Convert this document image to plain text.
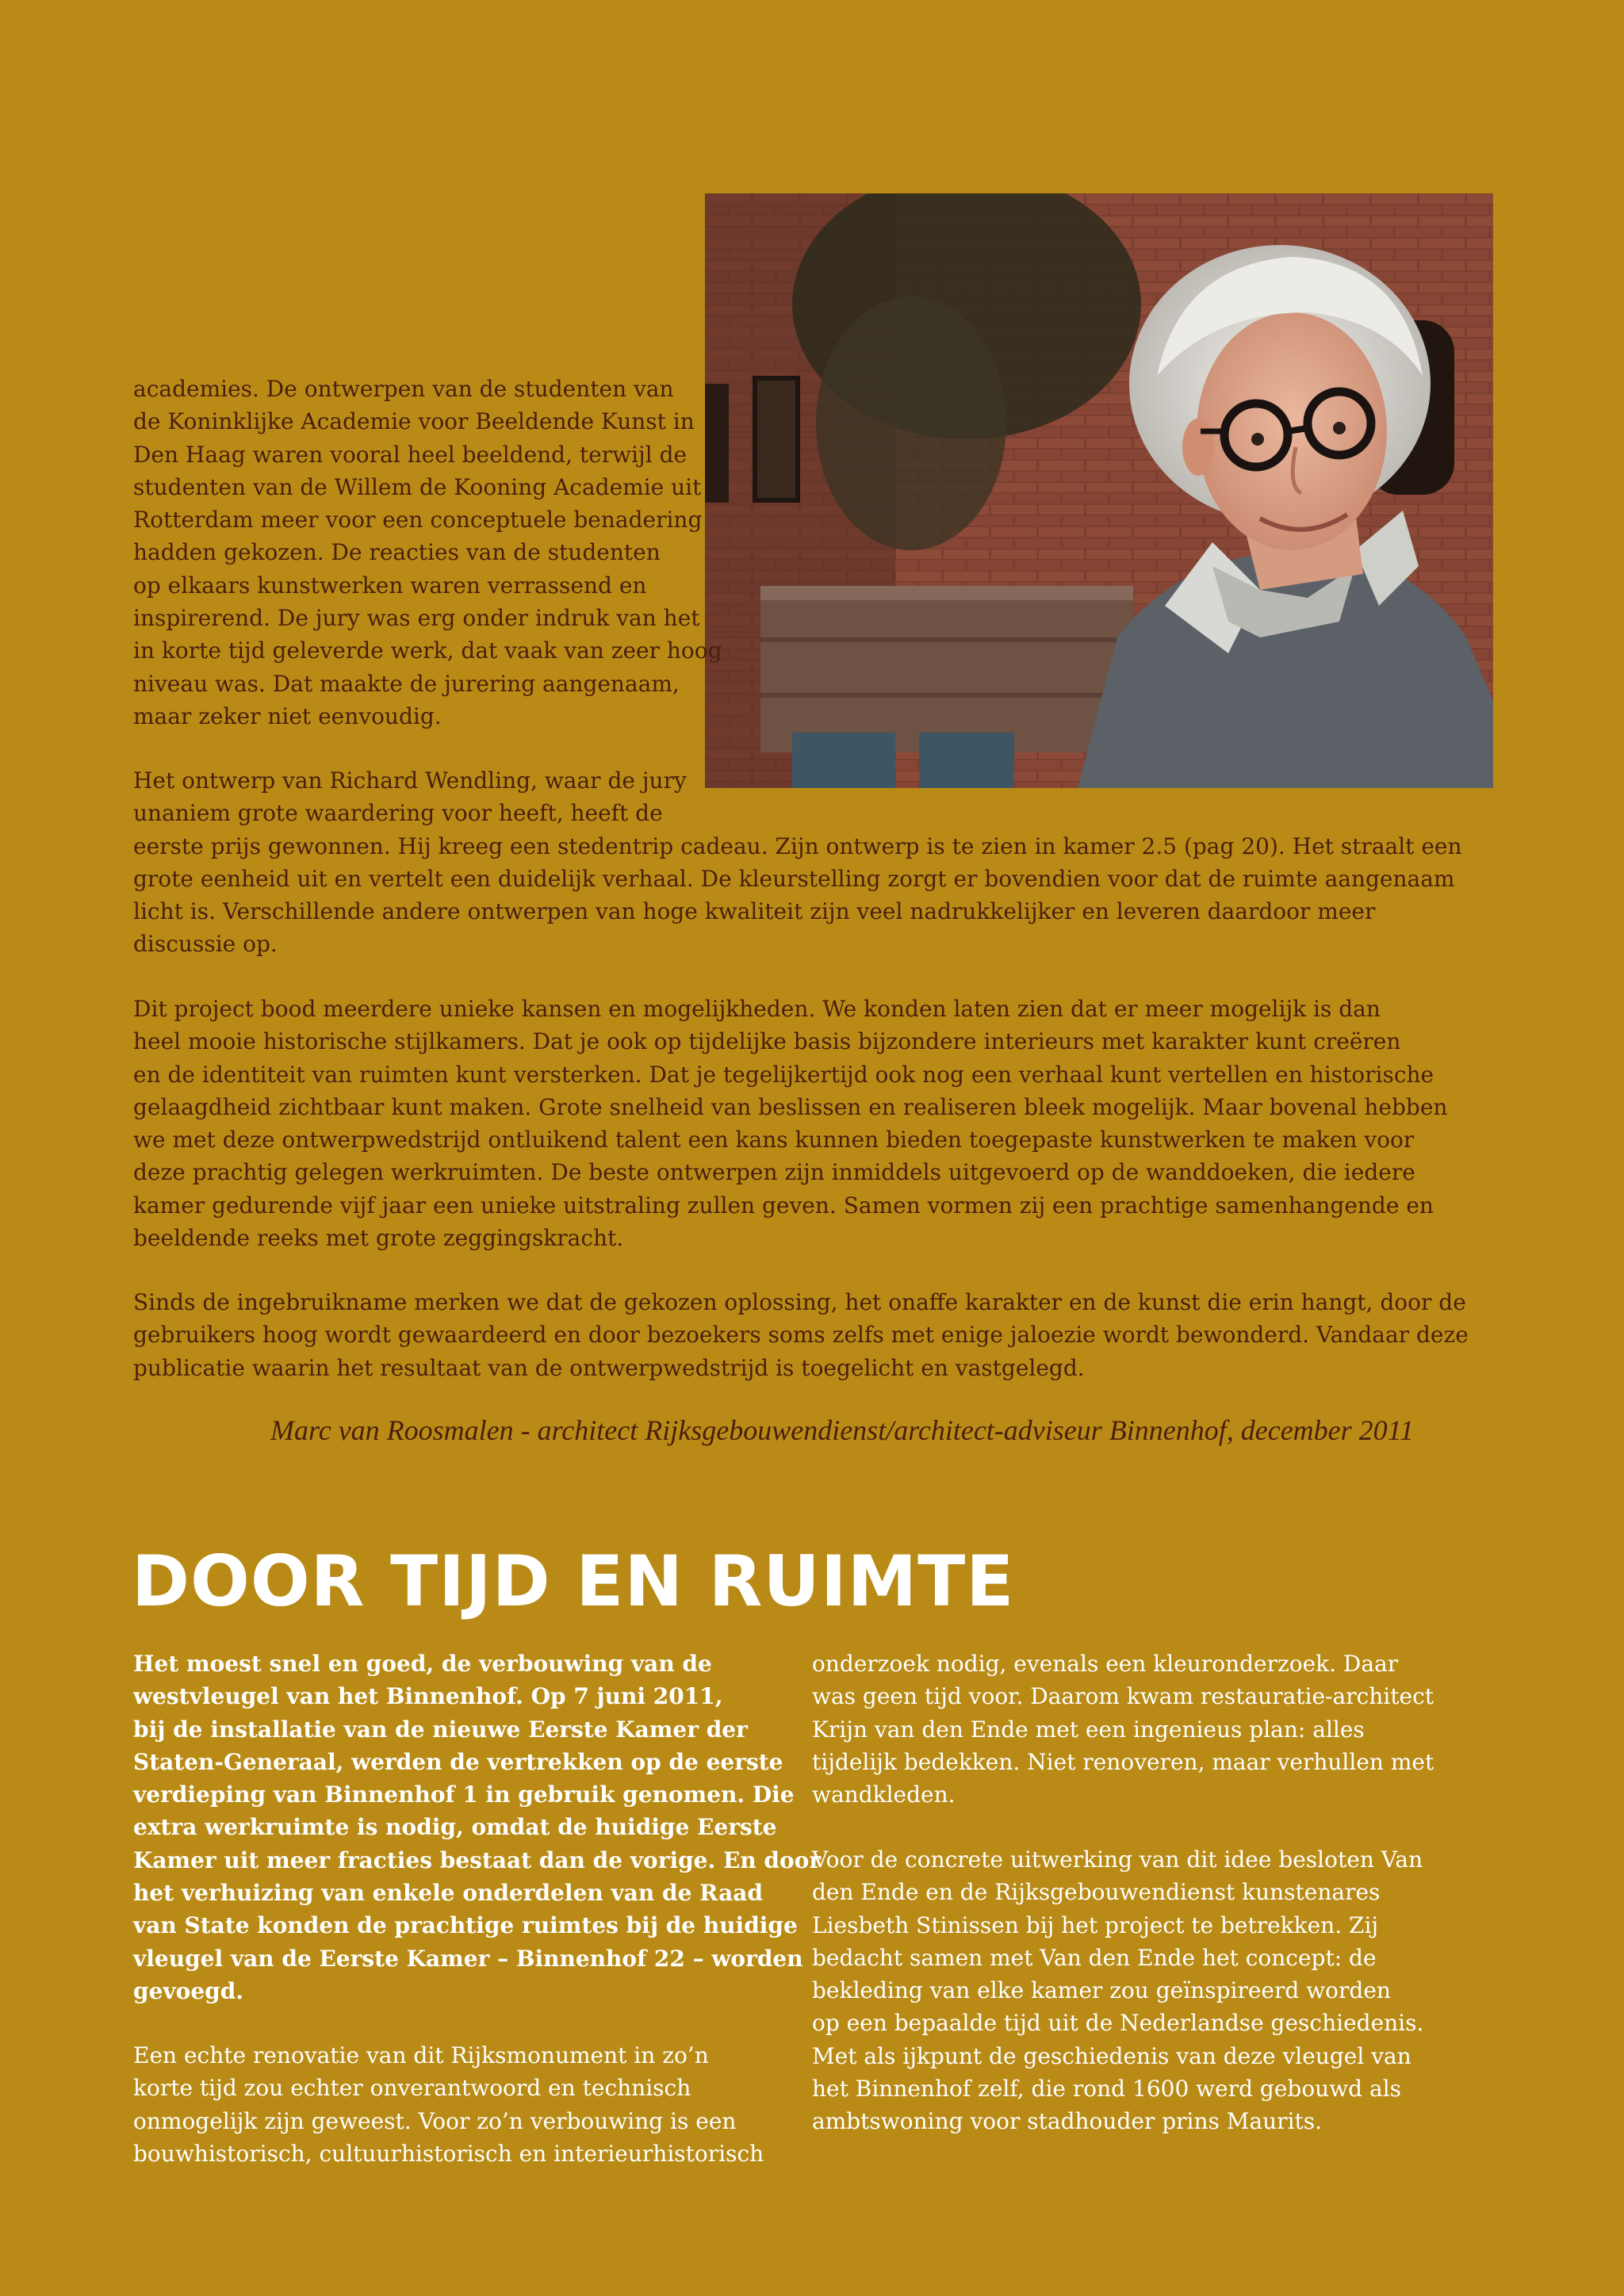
academies. De ontwerpen van de studenten van
de Koninklijke Academie voor Beeldende Kunst in
Den Haag waren vooral heel beeldend, terwijl de
studenten van de Willem de Kooning Academie uit
Rotterdam meer voor een conceptuele benadering
hadden gekozen. De reacties van de studenten
op elkaars kunstwerken waren verrassend en
inspirerend. De jury was erg onder indruk van het
in korte tijd geleverde werk, dat vaak van zeer hoog
niveau was. Dat maakte de jurering aangenaam,
maar zeker niet eenvoudig.

Het ontwerp van Richard Wendling, waar de jury
unaniem grote waardering voor heeft, heeft de
eerste prijs gewonnen. Hij kreeg een stedentrip cadeau. Zijn ontwerp is te zien in kamer 2.5 (pag 20). Het straalt een
grote eenheid uit en vertelt een duidelijk verhaal. De kleurstelling zorgt er bovendien voor dat de ruimte aangenaam
licht is. Verschillende andere ontwerpen van hoge kwaliteit zijn veel nadrukkelijker en leveren daardoor meer
discussie op.

Dit project bood meerdere unieke kansen en mogelijkheden. We konden laten zien dat er meer mogelijk is dan
heel mooie historische stijlkamers. Dat je ook op tijdelijke basis bijzondere interieurs met karakter kunt creëren
en de identiteit van ruimten kunt versterken. Dat je tegelijkertijd ook nog een verhaal kunt vertellen en historische
gelaagdheid zichtbaar kunt maken. Grote snelheid van beslissen en realiseren bleek mogelijk. Maar bovenal hebben
we met deze ontwerpwedstrijd ontluikend talent een kans kunnen bieden toegepaste kunstwerken te maken voor
deze prachtig gelegen werkruimten. De beste ontwerpen zijn inmiddels uitgevoerd op de wanddoeken, die iedere
kamer gedurende vijf jaar een unieke uitstraling zullen geven. Samen vormen zij een prachtige samenhangende en
beeldende reeks met grote zeggingskracht.

Sinds de ingebruikname merken we dat de gekozen oplossing, het onaffe karakter en de kunst die erin hangt, door de
gebruikers hoog wordt gewaardeerd en door bezoekers soms zelfs met enige jaloezie wordt bewonderd. Vandaar deze
publicatie waarin het resultaat van de ontwerpwedstrijd is toegelicht en vastgelegd.

Marc van Roosmalen - architect Rijksgebouwendienst/architect-adviseur Binnenhof, december 2011

DOOR TIJD EN RUIMTE

Het moest snel en goed, de verbouwing van de
westvleugel van het Binnenhof. Op 7 juni 2011,
bij de installatie van de nieuwe Eerste Kamer der
Staten-Generaal, werden de vertrekken op de eerste
verdieping van Binnenhof 1 in gebruik genomen. Die
extra werkruimte is nodig, omdat de huidige Eerste
Kamer uit meer fracties bestaat dan de vorige. En door
het verhuizing van enkele onderdelen van de Raad
van State konden de prachtige ruimtes bij de huidige
vleugel van de Eerste Kamer – Binnenhof 22 – worden
gevoegd.

Een echte renovatie van dit Rijksmonument in zo’n
korte tijd zou echter onverantwoord en technisch
onmogelijk zijn geweest. Voor zo’n verbouwing is een
bouwhistorisch, cultuurhistorisch en interieurhistorisch

onderzoek nodig, evenals een kleuronderzoek. Daar
was geen tijd voor. Daarom kwam restauratie-architect
Krijn van den Ende met een ingenieus plan: alles
tijdelijk bedekken. Niet renoveren, maar verhullen met
wandkleden.

Voor de concrete uitwerking van dit idee besloten Van
den Ende en de Rijksgebouwendienst kunstenares
Liesbeth Stinissen bij het project te betrekken. Zij
bedacht samen met Van den Ende het concept: de
bekleding van elke kamer zou geïnspireerd worden
op een bepaalde tijd uit de Nederlandse geschiedenis.
Met als ijkpunt de geschiedenis van deze vleugel van
het Binnenhof zelf, die rond 1600 werd gebouwd als
ambtswoning voor stadhouder prins Maurits.
